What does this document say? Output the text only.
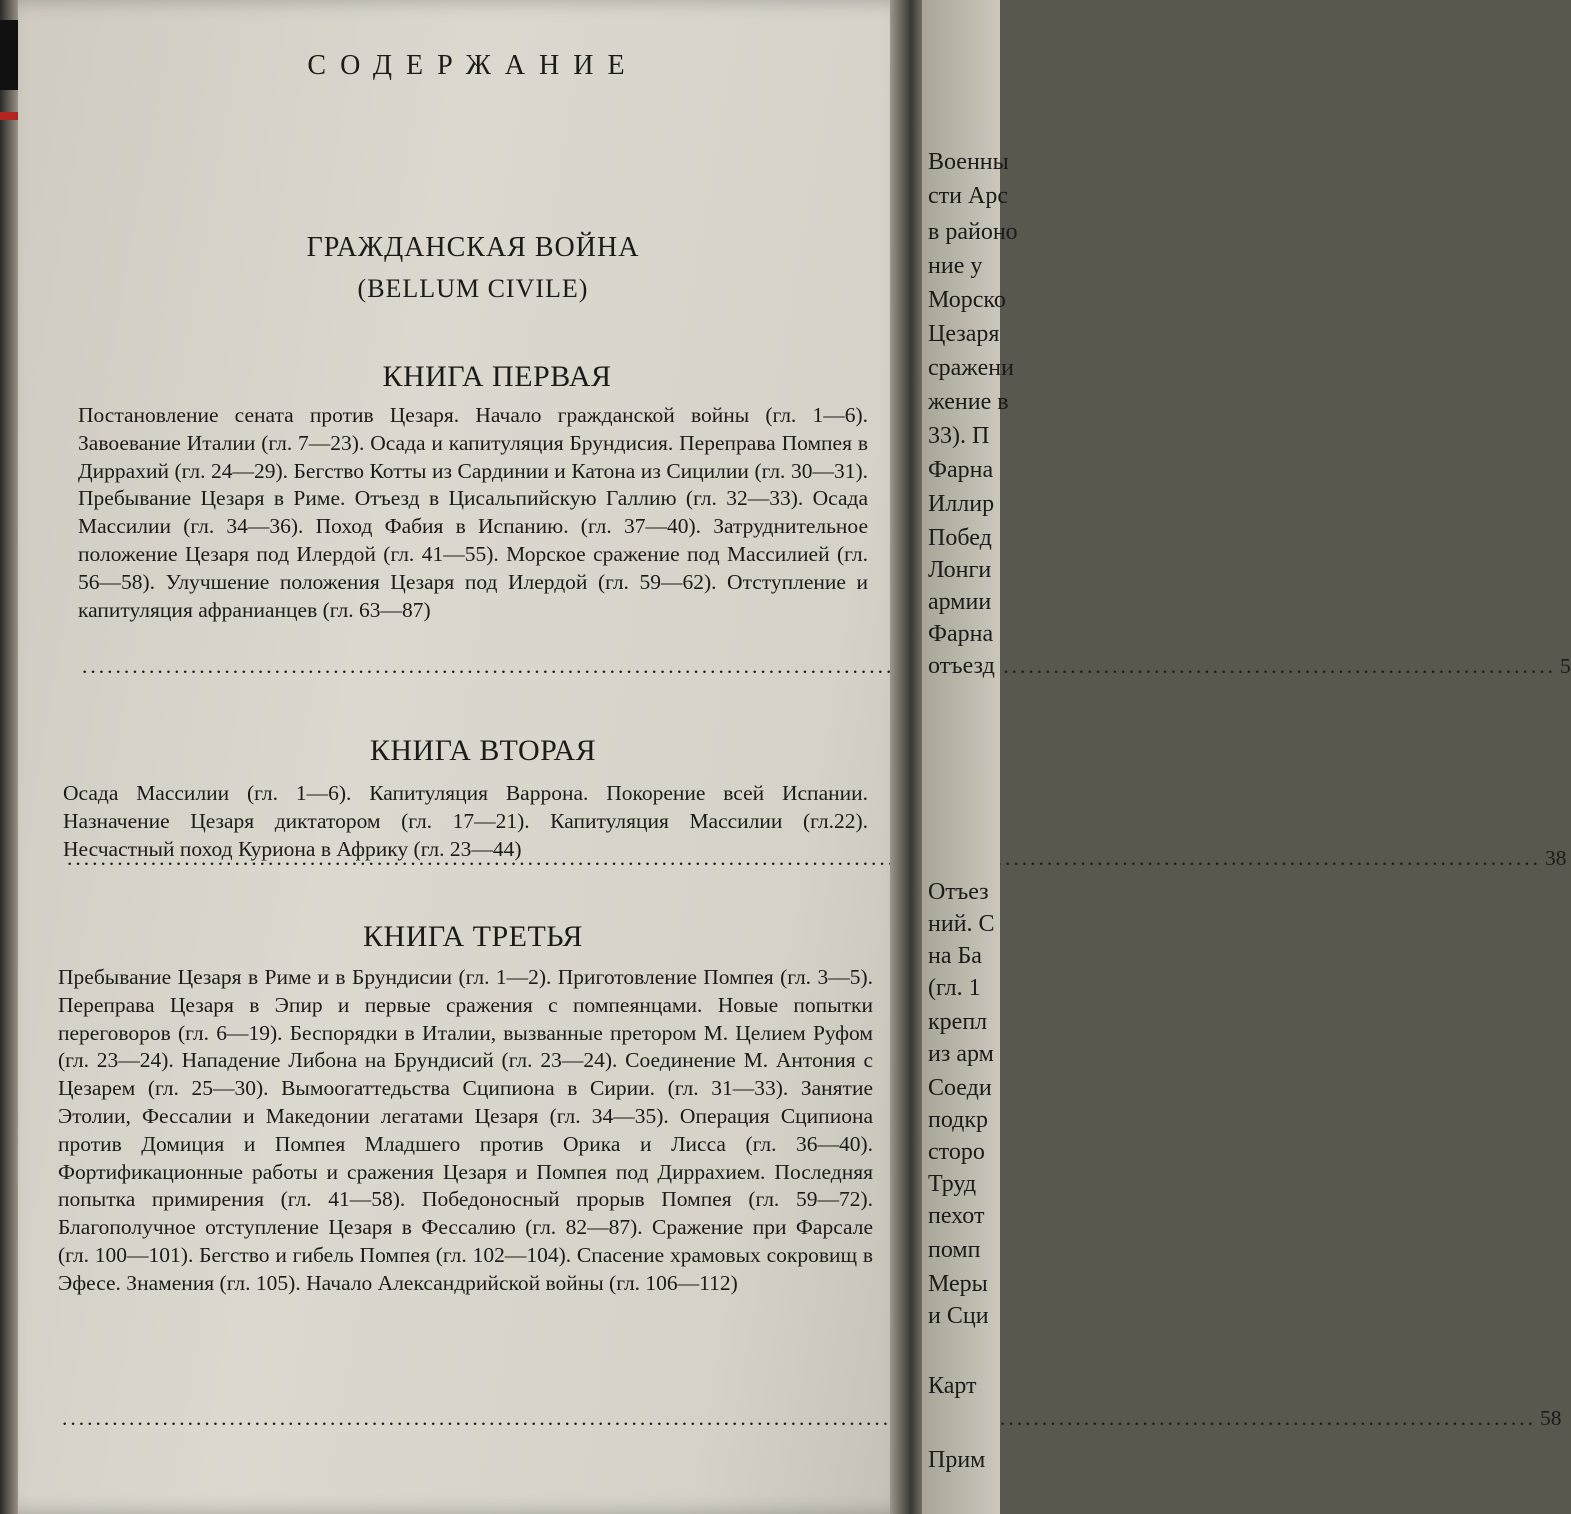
СОДЕРЖАНИЕ
ГРАЖДАНСКАЯ ВОЙНА
(BELLUM CIVILE)
КНИГА ПЕРВАЯ

Постановление сената против Цезаря. Начало гражданской войны (гл. 1—6). Завоевание Италии (гл. 7—23). Осада и капитуляция Брундисия. Переправа Помпея в Диррахий (гл. 24—29). Бегство Котты из Сардинии и Катона из Сицилии (гл. 30—31). Пребывание Цезаря в Риме. Отъезд в Цисальпийскую Галлию (гл. 32—33). Осада Массилии (гл. 34—36). Поход Фабия в Испанию. (гл. 37—40). Затруднительное положение Цезаря под Илердой (гл. 41—55). Морское сражение под Массилией (гл. 56—58). Улучшение положения Цезаря под Илердой (гл. 59—62). Отступление и капитуляция афранианцев (гл. 63—87)

.....
5
КНИГА ВТОРАЯ

Осада Массилии (гл. 1—6). Капитуляция Варрона. Покорение всей Испании. Назначение Цезаря диктатором (гл. 17—21). Капитуляция Массилии (гл.22). Несчастный поход Куриона в Африку (гл. 23—44)

.....	38
КНИГА ТРЕТЬЯ

Пребывание Цезаря в Риме и в Брундисии (гл. 1—2). Приготовление Помпея (гл. 3—5). Переправа Цезаря в Эпир и первые сражения с помпеянцами. Новые попытки переговоров (гл. 6—19). Беспорядки в Италии, вызванные претором М. Целием Руфом (гл. 23—24). Нападение Либона на Брундисий (гл. 23—24). Соединение М. Антония с Цезарем (гл. 25—30). Вымоогаттедьства Сципиона в Сирии. (гл. 31—33). Занятие Этолии, Фессалии и Македонии легатами Цезаря (гл. 34—35). Операция Сципиона против Домиция и Помпея Младшего против Орика и Лисса (гл. 36—40). Фортификационные работы и сражения Цезаря и Помпея под Диррахием. Последняя попытка примирения (гл. 41—58). Победоносный прорыв Помпея (гл. 59—72). Благополучное отступление Цезаря в Фессалию (гл. 82—87). Сражение при Фарсале (гл. 100—101). Бегство и гибель Помпея (гл. 102—104). Спасение храмовых сокровищ в Эфесе. Знамения (гл. 105). Начало Александрийской войны (гл. 106—112)

.....
58
Военны
сти Арс
в районо
ние у
Морско
Цезаря
сражени
жение в
33). П
Фарна
Иллир
Побед
Лонги
армии
Фарна
отъезд
Отъез
ний. С
на Ба
(гл. 1
крепл
из арм
Соеди
подкр
сторо
Труд
пехот
помп
Меры
и Сци
Карт
Прим
